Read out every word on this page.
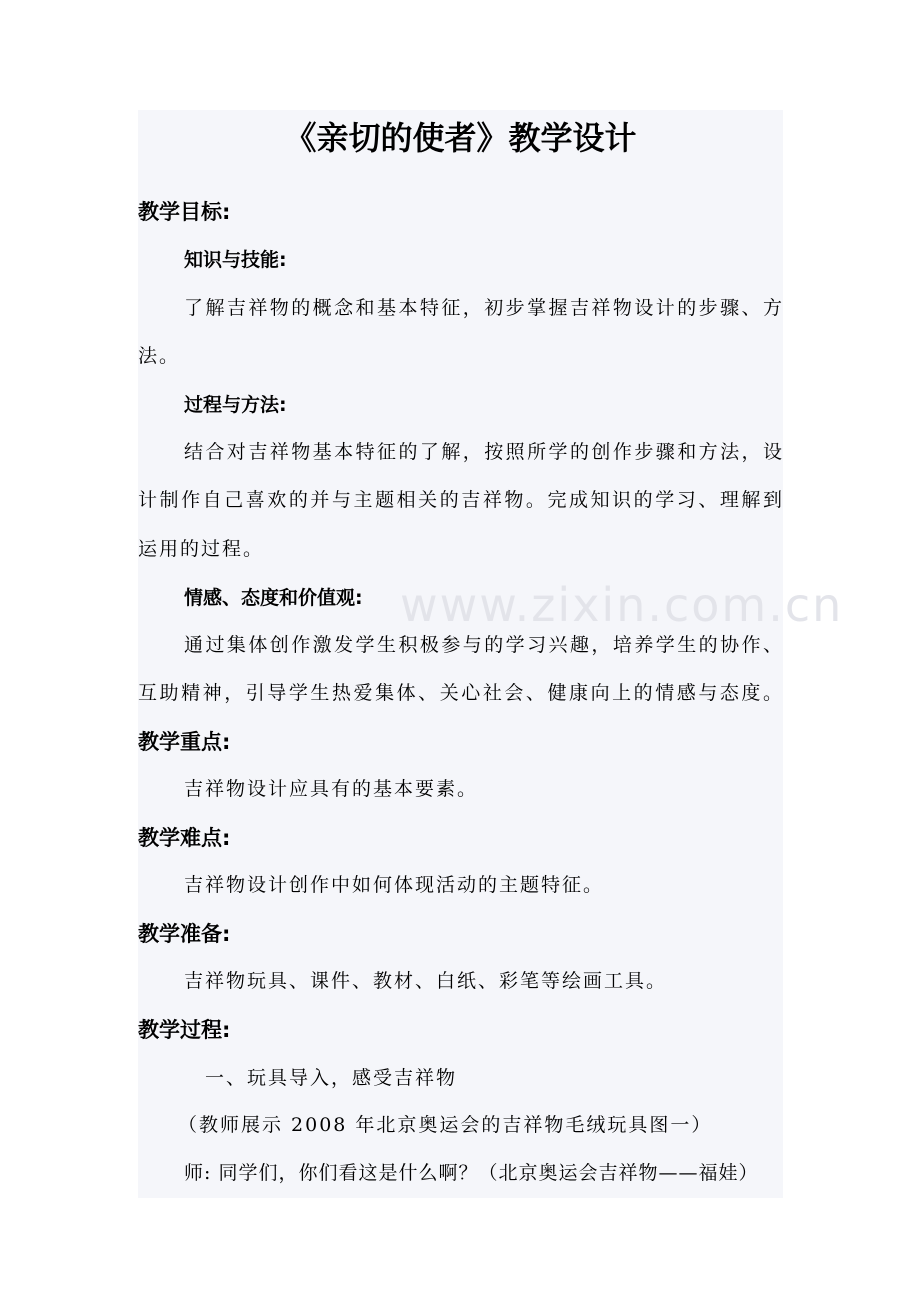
www.zixin.com.cn
《亲切的使者》教学设计
教学目标:
知识与技能:
了解吉祥物的概念和基本特征，初步掌握吉祥物设计的步骤、方
法。
过程与方法:
结合对吉祥物基本特征的了解，按照所学的创作步骤和方法，设
计制作自己喜欢的并与主题相关的吉祥物。完成知识的学习、理解到
运用的过程。
情感、态度和价值观:
通过集体创作激发学生积极参与的学习兴趣，培养学生的协作、
互助精神，引导学生热爱集体、关心社会、健康向上的情感与态度。
教学重点:
吉祥物设计应具有的基本要素。
教学难点:
吉祥物设计创作中如何体现活动的主题特征。
教学准备:
吉祥物玩具、课件、教材、白纸、彩笔等绘画工具。
教学过程:
一、玩具导入，感受吉祥物
（教师展示 2008 年北京奥运会的吉祥物毛绒玩具图一）
师: 同学们，你们看这是什么啊？（北京奥运会吉祥物——福娃）
